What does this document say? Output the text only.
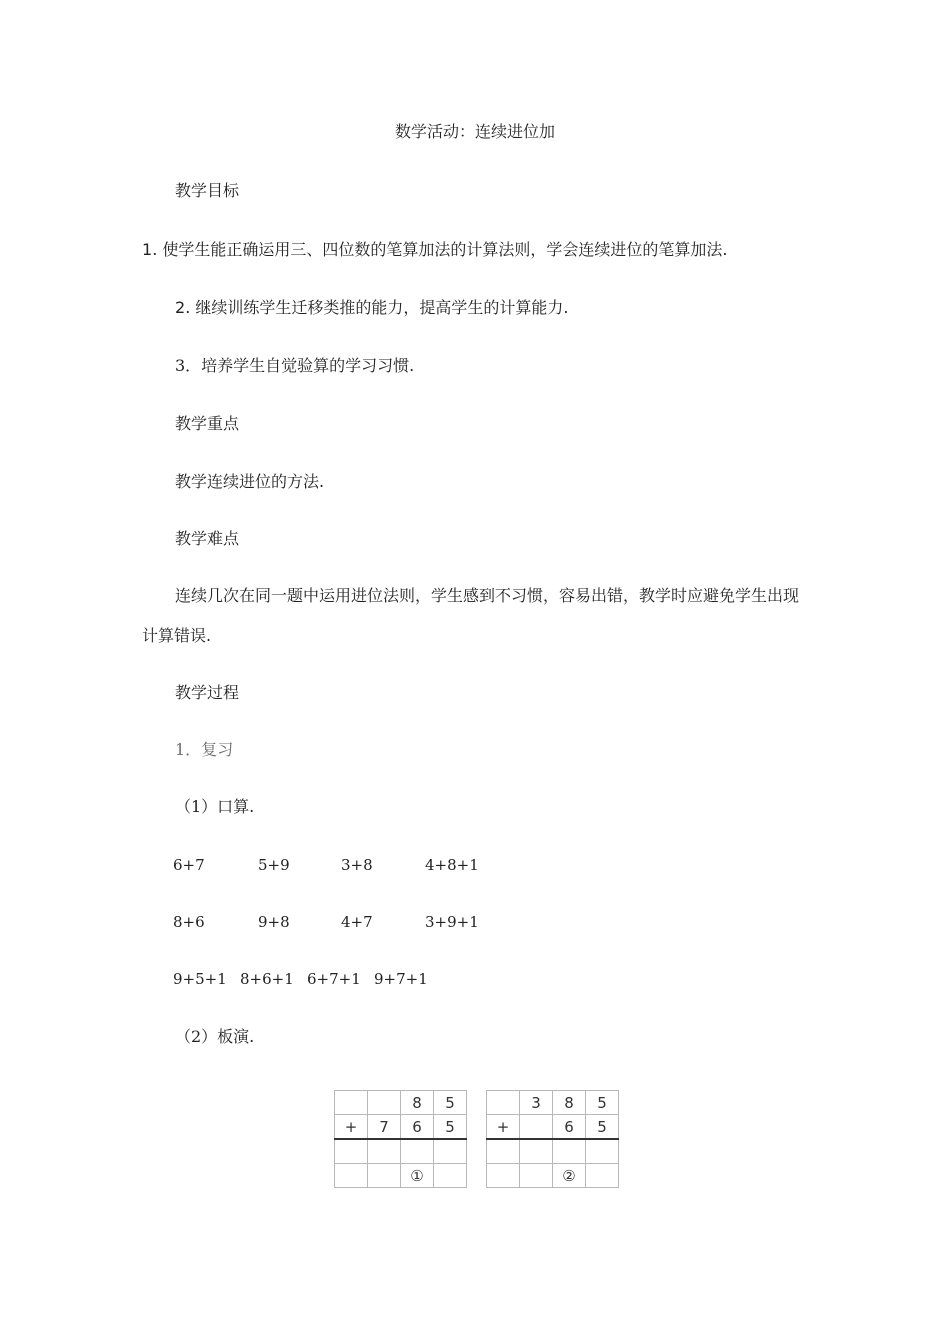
数学活动：连续进位加
教学目标
1. 使学生能正确运用三、四位数的笔算加法的计算法则，学会连续进位的笔算加法.
2. 继续训练学生迁移类推的能力，提高学生的计算能力.
3．培养学生自觉验算的学习习惯.
教学重点
教学连续进位的方法.
教学难点
连续几次在同一题中运用进位法则，学生感到不习惯，容易出错，教学时应避免学生出现
计算错误.
教学过程
1．复习
（1）口算.
6+7	5+9	3+8	4+8+1
8+6	9+8	4+7	3+9+1
9+5+1 8+6+1 6+7+1 9+7+1
（2）板演.
		8	5
+	7	6	5

		①	
	3	8	5
+		6	5

		②	
